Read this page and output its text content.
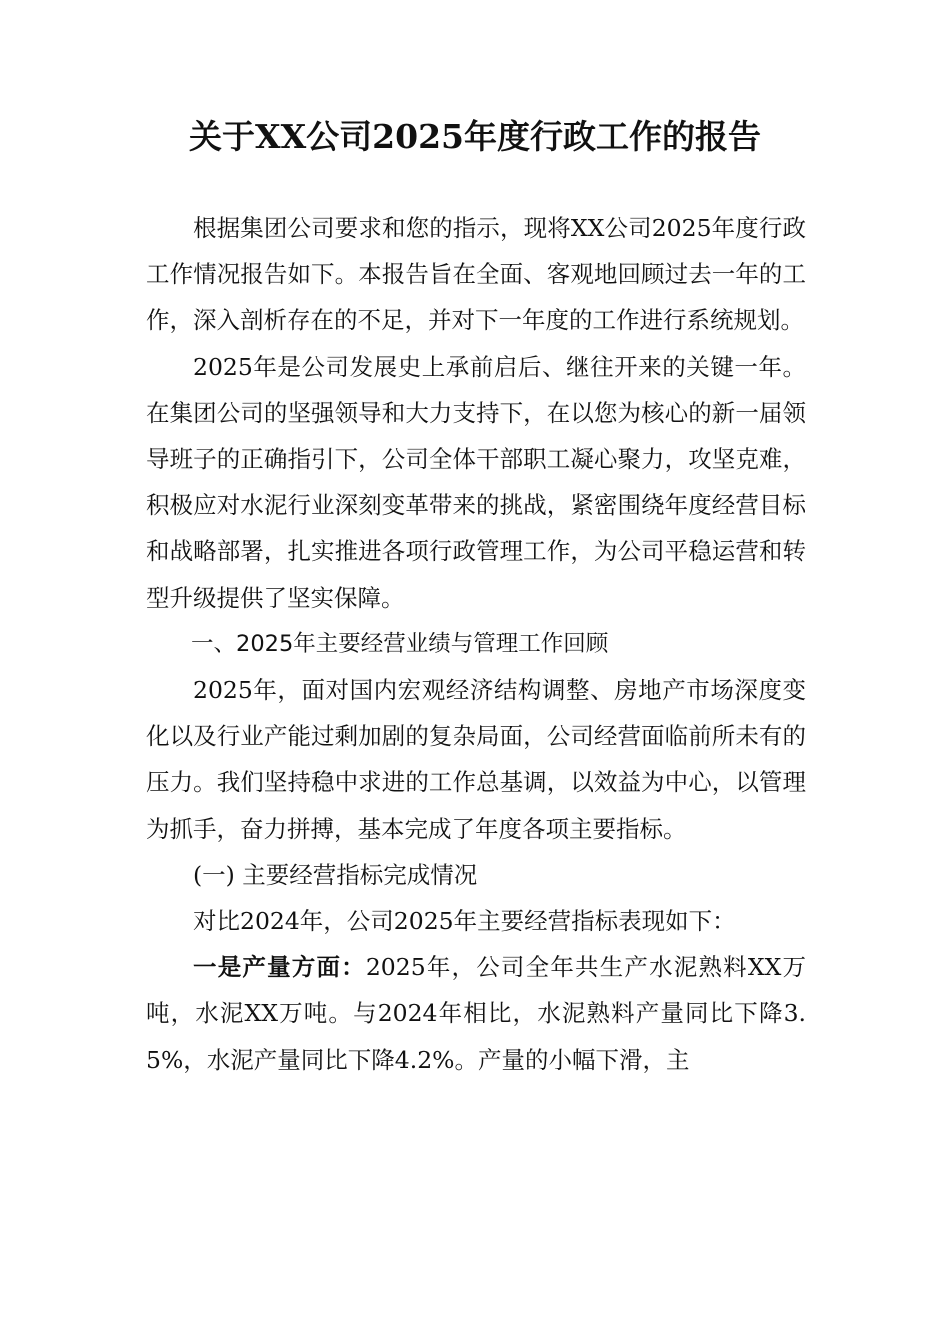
关于XX公司2025年度行政工作的报告

根据集团公司要求和您的指示，现将XX公司2025年度行政工作情况报告如下。本报告旨在全面、客观地回顾过去一年的工作，深入剖析存在的不足，并对下一年度的工作进行系统规划。

2025年是公司发展史上承前启后、继往开来的关键一年。在集团公司的坚强领导和大力支持下，在以您为核心的新一届领导班子的正确指引下，公司全体干部职工凝心聚力，攻坚克难，积极应对水泥行业深刻变革带来的挑战，紧密围绕年度经营目标和战略部署，扎实推进各项行政管理工作，为公司平稳运营和转型升级提供了坚实保障。

一、2025年主要经营业绩与管理工作回顾

2025年，面对国内宏观经济结构调整、房地产市场深度变化以及行业产能过剩加剧的复杂局面，公司经营面临前所未有的压力。我们坚持稳中求进的工作总基调，以效益为中心，以管理为抓手，奋力拼搏，基本完成了年度各项主要指标。

(一) 主要经营指标完成情况

对比2024年，公司2025年主要经营指标表现如下：

一是产量方面：2025年，公司全年共生产水泥熟料XX万吨，水泥XX万吨。与2024年相比，水泥熟料产量同比下降3.5%，水泥产量同比下降4.2%。产量的小幅下滑，主
